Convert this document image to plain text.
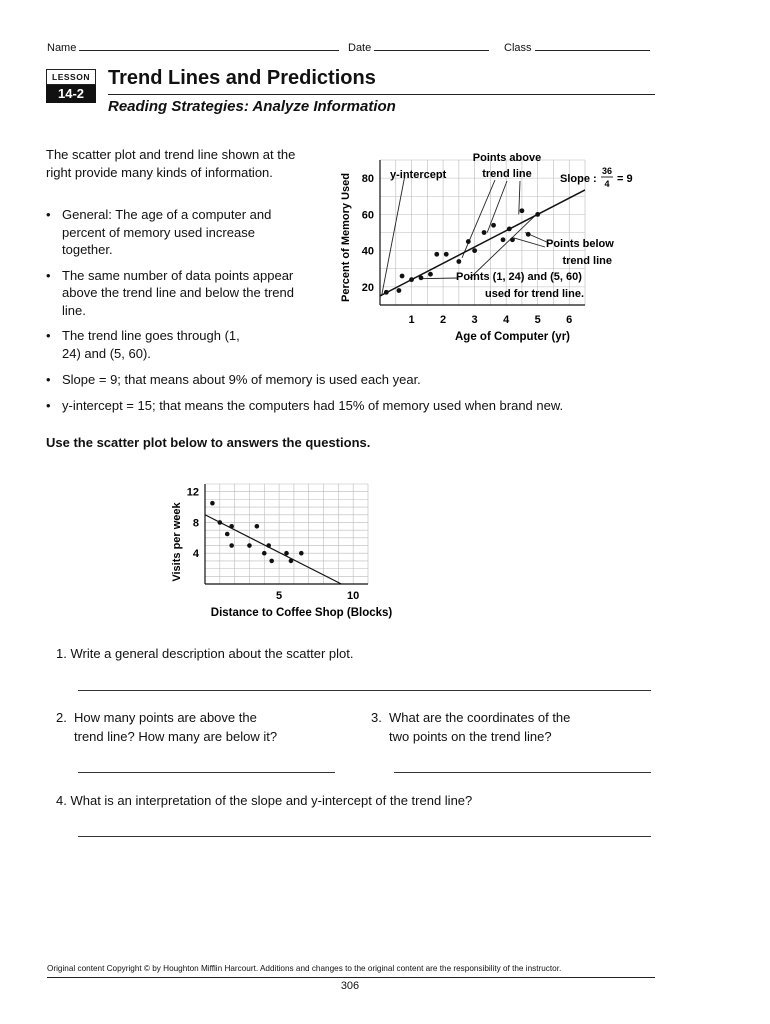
Name	Date	Class
LESSON
14-2
Trend Lines and Predictions
Reading Strategies: Analyze Information
The scatter plot and trend line shown at the right provide many kinds of information.
• General: The age of a computer and percent of memory used increase together.
• The same number of data points appear above the trend line and below the trend line.
• The trend line goes through (1, 24) and (5, 60).
• Slope = 9; that means about 9% of memory is used each year.
• y-intercept = 15; that means the computers had 15% of memory used when brand new.
1 2 3 4 5 6
20
40
60
80
Percent of Memory Used
Age of Computer (yr)
y-intercept
Points above
trend line	Slope :
36
4 = 9
Points below
trend line
Points (1, 24) and (5, 60)
used for trend line.
Use the scatter plot below to answers the questions.
5	10
4
8
12
Visits per week
Distance to Coffee Shop (Blocks)
1. Write a general description about the scatter plot.
2. How many points are above the
trend line? How many are below it?
3. What are the coordinates of the
two points on the trend line?
4. What is an interpretation of the slope and y-intercept of the trend line?
Original content Copyright © by Houghton Mifflin Harcourt. Additions and changes to the original content are the responsibility of the instructor.
306
